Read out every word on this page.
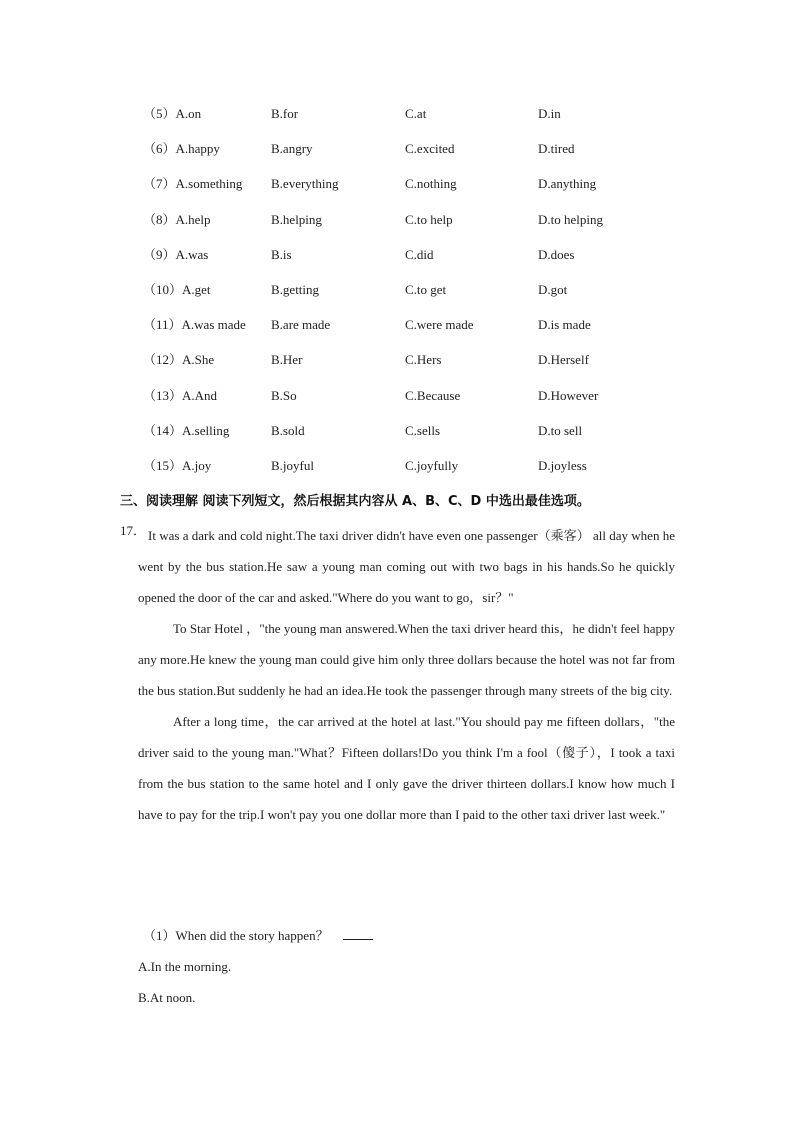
（5）A.on	B.for	C.at	D.in
（6）A.happy	B.angry	C.excited	D.tired
（7）A.something B.everything	C.nothing	D.anything
（8）A.help	B.helping	C.to help	D.to helping
（9）A.was	B.is	C.did	D.does
（10）A.get	B.getting	C.to get	D.got
（11）A.was made B.are made	C.were made	D.is made
（12）A.She	B.Her	C.Hers	D.Herself
（13）A.And	B.So	C.Because	D.However
（14）A.selling	B.sold	C.sells	D.to sell
（15）A.joy	B.joyful	C.joyfully	D.joyless
三、阅读理解 阅读下列短文，然后根据其内容从 A、B、C、D 中选出最佳选项。
17． It was a dark and cold night.The taxi driver didn't have even one passenger（乘客） all day when he went by the bus station.He saw a young man coming out with two bags in his hands.So he quickly opened the door of the car and asked."Where do you want to go，sir？"

To Star Hotel ，"the young man answered.When the taxi driver heard this，he didn't feel happy any more.He knew the young man could give him only three dollars because the hotel was not far from the bus station.But suddenly he had an idea.He took the passenger through many streets of the big city.

After a long time，the car arrived at the hotel at last."You should pay me fifteen dollars，"the driver said to the young man."What？Fifteen dollars!Do you think I'm a fool（傻子），I took a taxi from the bus station to the same hotel and I only gave the driver thirteen dollars.I know how much I have to pay for the trip.I won't pay you one dollar more than I paid to the other taxi driver last week."

（1）When did the story happen？
A.In the morning.
B.At noon.
